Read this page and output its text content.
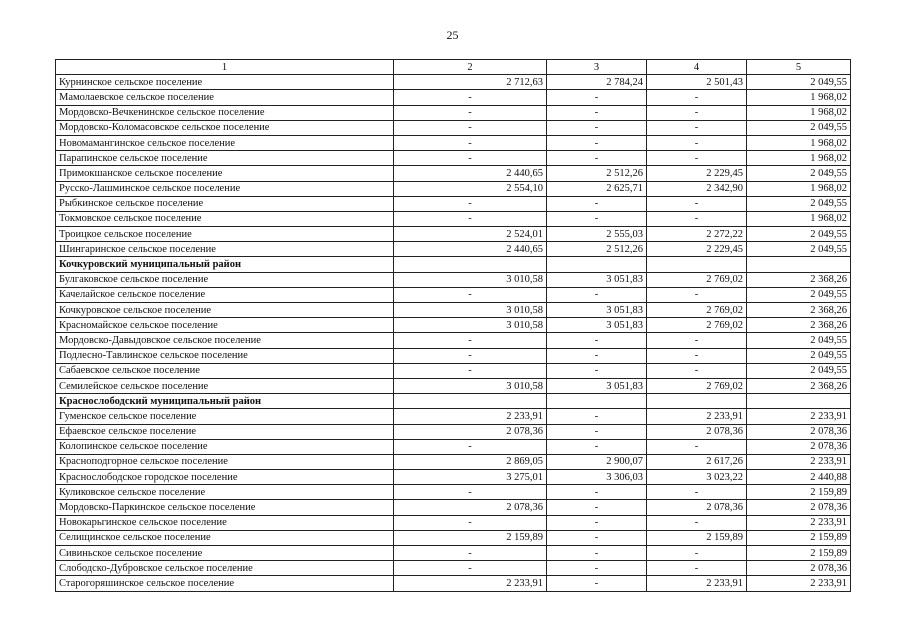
25
1	2	3	4	5
Курнинское сельское поселение	2 712,63	2 784,24	2 501,43	2 049,55
Мамолаевское сельское поселение	-	-	-	1 968,02
Мордовско-Вечкенинское сельское поселение	-	-	-	1 968,02
Мордовско-Коломасовское сельское поселение	-	-	-	2 049,55
Новомамангинское сельское поселение	-	-	-	1 968,02
Парапинское сельское поселение	-	-	-	1 968,02
Примокшанское сельское поселение	2 440,65	2 512,26	2 229,45	2 049,55
Русско-Лашминское сельское поселение	2 554,10	2 625,71	2 342,90	1 968,02
Рыбкинское сельское поселение	-	-	-	2 049,55
Токмовское сельское поселение	-	-	-	1 968,02
Троицкое сельское поселение	2 524,01	2 555,03	2 272,22	2 049,55
Шингаринское сельское поселение	2 440,65	2 512,26	2 229,45	2 049,55
Кочкуровский муниципальный район				
Булгаковское сельское поселение	3 010,58	3 051,83	2 769,02	2 368,26
Качелайское сельское поселение	-	-	-	2 049,55
Кочкуровское сельское поселение	3 010,58	3 051,83	2 769,02	2 368,26
Красномайское сельское поселение	3 010,58	3 051,83	2 769,02	2 368,26
Мордовско-Давыдовское сельское поселение	-	-	-	2 049,55
Подлесно-Тавлинское сельское поселение	-	-	-	2 049,55
Сабаевское сельское поселение	-	-	-	2 049,55
Семилейское сельское поселение	3 010,58	3 051,83	2 769,02	2 368,26
Краснослободский муниципальный район				
Гуменское сельское поселение	2 233,91	-	2 233,91	2 233,91
Ефаевское сельское поселение	2 078,36	-	2 078,36	2 078,36
Колопинское сельское поселение	-	-	-	2 078,36
Красноподгорное сельское поселение	2 869,05	2 900,07	2 617,26	2 233,91
Краснослободское городское поселение	3 275,01	3 306,03	3 023,22	2 440,88
Куликовское сельское поселение	-	-	-	2 159,89
Мордовско-Паркинское сельское поселение	2 078,36	-	2 078,36	2 078,36
Новокарьгинское сельское поселение	-	-	-	2 233,91
Селищинское сельское поселение	2 159,89	-	2 159,89	2 159,89
Сивиньское сельское поселение	-	-	-	2 159,89
Слободско-Дубровское сельское поселение	-	-	-	2 078,36
Старогоряшинское сельское поселение	2 233,91	-	2 233,91	2 233,91
